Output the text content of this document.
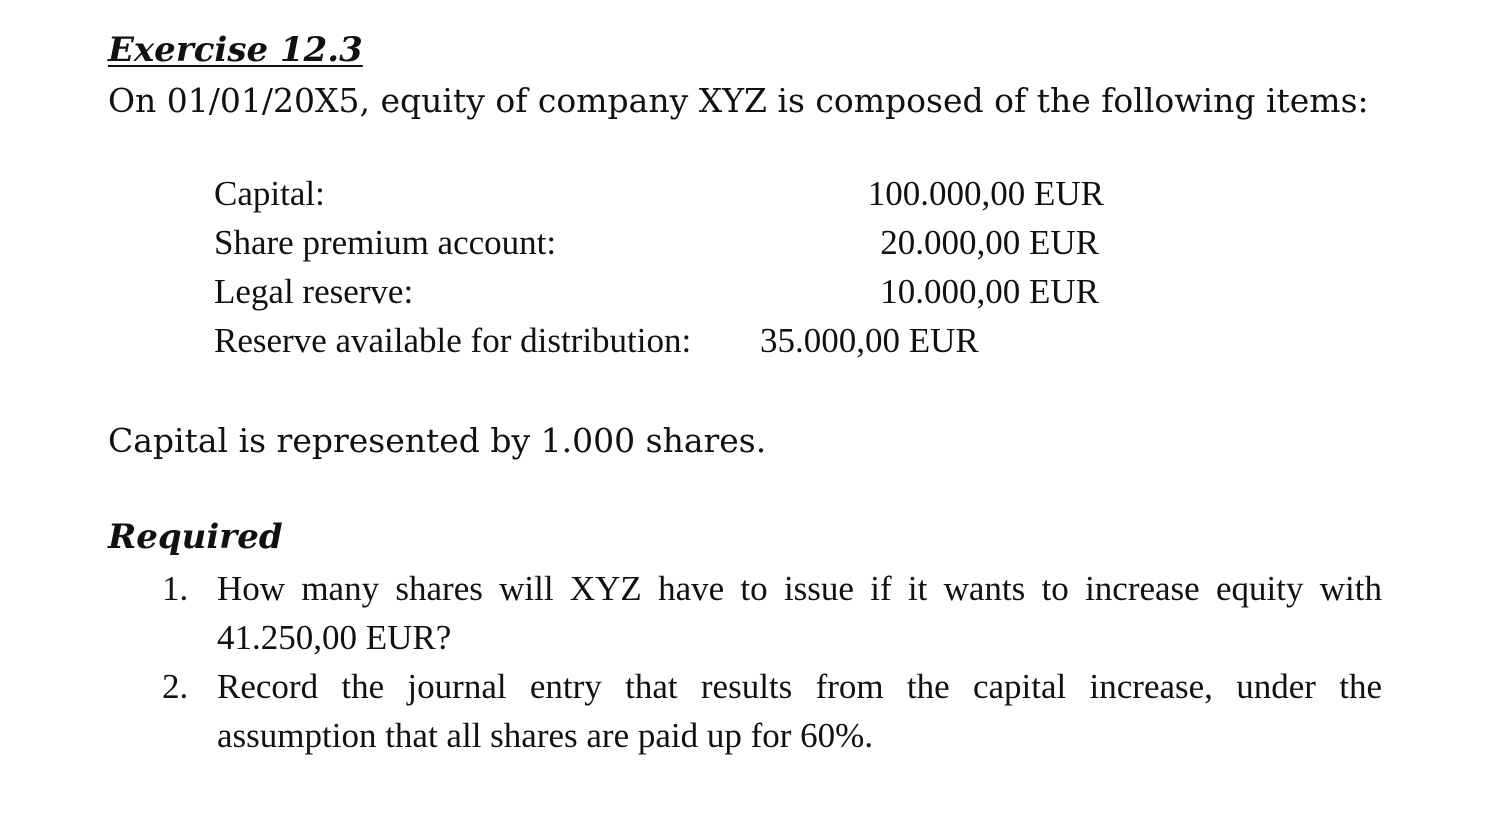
Exercise 12.3
On 01/01/20X5, equity of company XYZ is composed of the following items:
Capital:	100.000,00 EUR
Share premium account:	20.000,00 EUR
Legal reserve:	10.000,00 EUR
Reserve available for distribution: 35.000,00 EUR
Capital is represented by 1.000 shares.
Required
1. How many shares will XYZ have to issue if it wants to increase equity with 41.250,00 EUR?
2. Record the journal entry that results from the capital increase, under the assumption that all shares are paid up for 60%.
